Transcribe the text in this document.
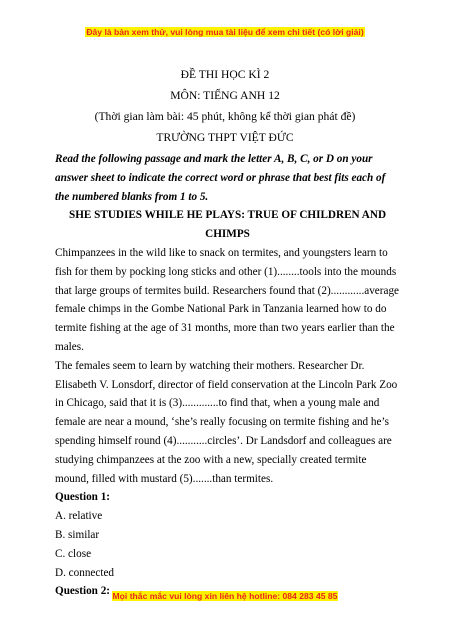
Đây là bản xem thử, vui lòng mua tài liệu để xem chi tiết (có lời giải)
ĐỀ THI HỌC KÌ 2
MÔN: TIẾNG ANH 12
(Thời gian làm bài: 45 phút, không kể thời gian phát đề)
TRƯỜNG THPT VIỆT ĐỨC

Read the following passage and mark the letter A, B, C, or D on your answer sheet to indicate the correct word or phrase that best fits each of the numbered blanks from 1 to 5.

SHE STUDIES WHILE HE PLAYS: TRUE OF CHILDREN AND CHIMPS

Chimpanzees in the wild like to snack on termites, and youngsters learn to fish for them by pocking long sticks and other (1)........tools into the mounds that large groups of termites build. Researchers found that (2)............average female chimps in the Gombe National Park in Tanzania learned how to do termite fishing at the age of 31 months, more than two years earlier than the males.

The females seem to learn by watching their mothers. Researcher Dr. Elisabeth V. Lonsdorf, director of field conservation at the Lincoln Park Zoo in Chicago, said that it is (3).............to find that, when a young male and female are near a mound, ‘she’s really focusing on termite fishing and he’s spending himself round (4)...........circles’. Dr Landsdorf and colleagues are studying chimpanzees at the zoo with a new, specially created termite mound, filled with mustard (5).......than termites.

Question 1:

A. relative

B. similar

C. close

D. connected

Question 2: Mọi thắc mắc vui lòng xin liên hệ hotline: 084 283 45 85
